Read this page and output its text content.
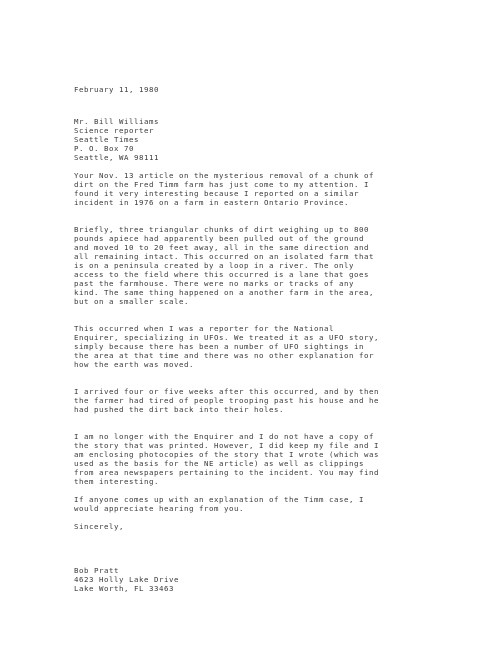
February 11, 1980
Mr. Bill Williams
Science reporter
Seattle Times
P. O. Box 70
Seattle, WA 98111
Your Nov. 13 article on the mysterious removal of a chunk of
dirt on the Fred Timm farm has just come to my attention. I
found it very interesting because I reported on a similar
incident in 1976 on a farm in eastern Ontario Province.
Briefly, three triangular chunks of dirt weighing up to 800
pounds apiece had apparently been pulled out of the ground
and moved 10 to 20 feet away, all in the same direction and
all remaining intact. This occurred on an isolated farm that
is on a peninsula created by a loop in a river. The only
access to the field where this occurred is a lane that goes
past the farmhouse. There were no marks or tracks of any
kind. The same thing happened on a another farm in the area,
but on a smaller scale.
This occurred when I was a reporter for the National
Enquirer, specializing in UFOs. We treated it as a UFO story,
simply because there has been a number of UFO sightings in
the area at that time and there was no other explanation for
how the earth was moved.
I arrived four or five weeks after this occurred, and by then
the farmer had tired of people trooping past his house and he
had pushed the dirt back into their holes.
I am no longer with the Enquirer and I do not have a copy of
the story that was printed. However, I did keep my file and I
am enclosing photocopies of the story that I wrote (which was
used as the basis for the NE article) as well as clippings
from area newspapers pertaining to the incident. You may find
them interesting.
If anyone comes up with an explanation of the Timm case, I
would appreciate hearing from you.
Sincerely,
Bob Pratt
4623 Holly Lake Drive
Lake Worth, FL 33463
